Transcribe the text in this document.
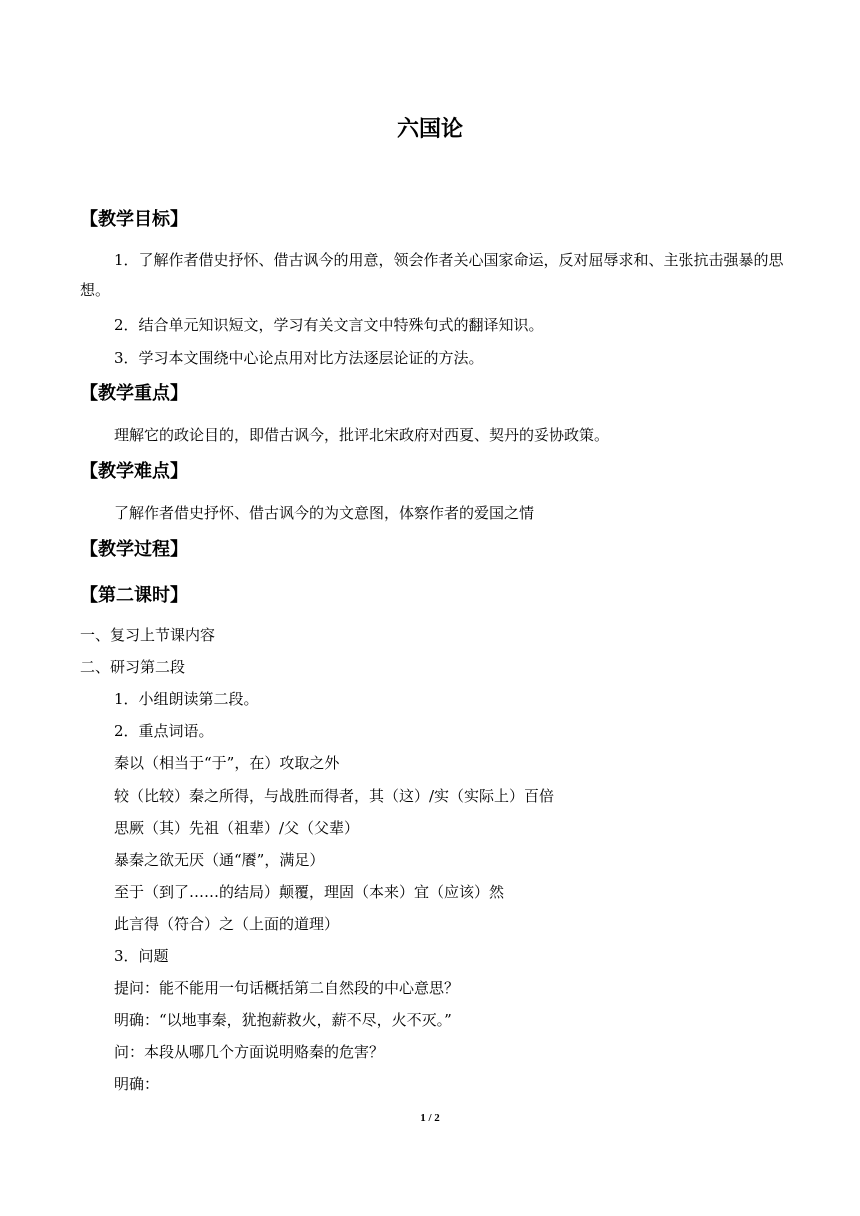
六国论
【教学目标】
1．了解作者借史抒怀、借古讽今的用意，领会作者关心国家命运，反对屈辱求和、主张抗击强暴的思想。
2．结合单元知识短文，学习有关文言文中特殊句式的翻译知识。
3．学习本文围绕中心论点用对比方法逐层论证的方法。
【教学重点】
理解它的政论目的，即借古讽今，批评北宋政府对西夏、契丹的妥协政策。
【教学难点】
了解作者借史抒怀、借古讽今的为文意图，体察作者的爱国之情
【教学过程】
【第二课时】
一、复习上节课内容
二、研习第二段
1．小组朗读第二段。
2．重点词语。
秦以（相当于“于”，在）攻取之外
较（比较）秦之所得，与战胜而得者，其（这）/实（实际上）百倍
思厥（其）先祖（祖辈）/父（父辈）
暴秦之欲无厌（通“餍”，满足）
至于（到了……的结局）颠覆，理固（本来）宜（应该）然
此言得（符合）之（上面的道理）
3．问题
提问：能不能用一句话概括第二自然段的中心意思？
明确：“以地事秦，犹抱薪救火，薪不尽，火不灭。”
问：本段从哪几个方面说明赂秦的危害？
明确：
1 / 2
